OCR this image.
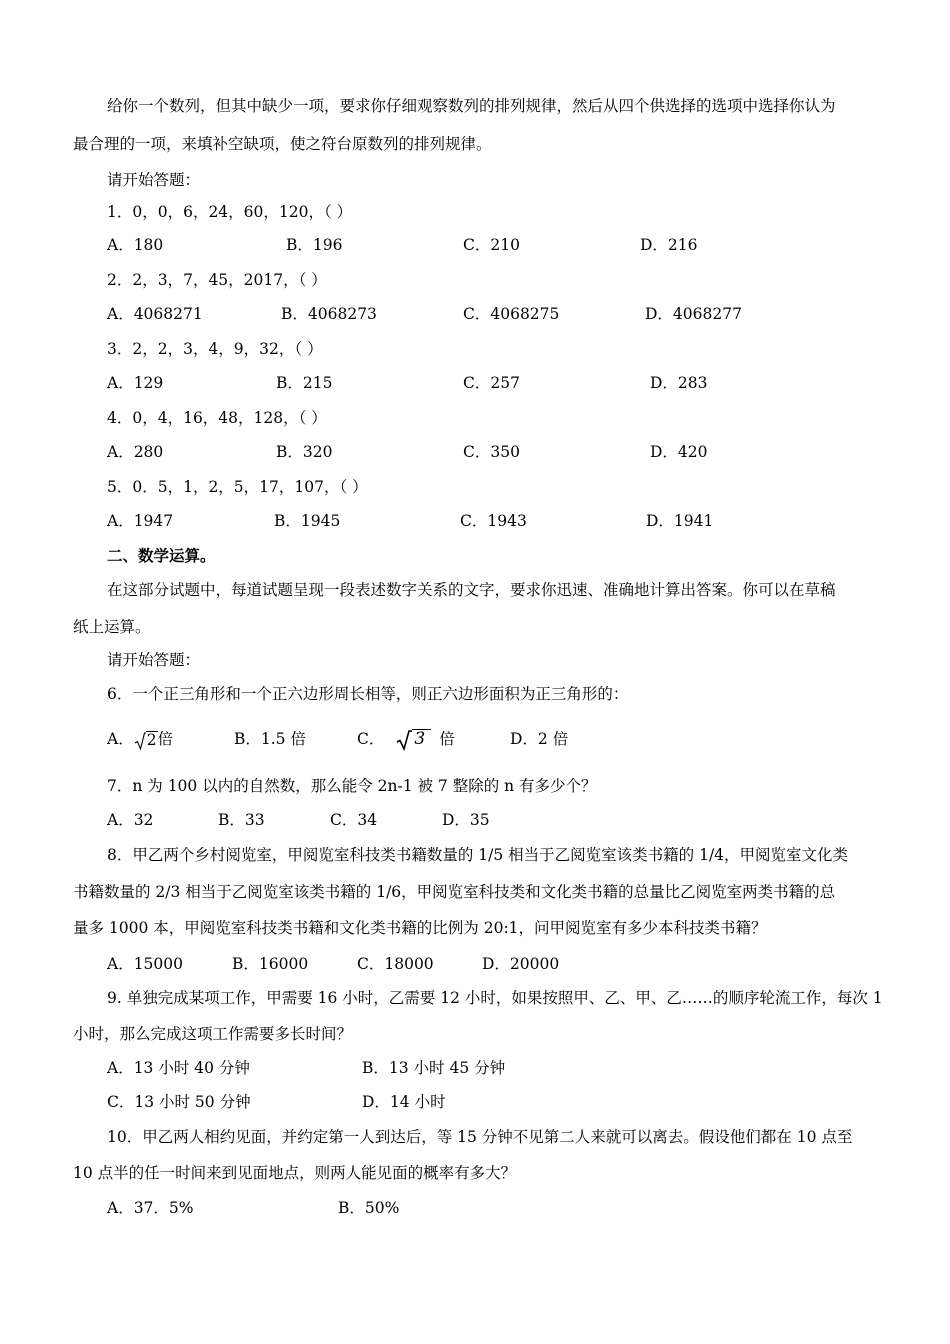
给你一个数列，但其中缺少一项，要求你仔细观察数列的排列规律，然后从四个供选择的选项中选择你认为
最合理的一项，来填补空缺项，使之符台原数列的排列规律。
请开始答题：
1．0，0，6，24，60，120，（ ）
A．180	B．196	C．210	D．216
2．2，3，7，45，2017，（ ）
A．4068271	B．4068273	C．4068275	D．4068277
3．2，2，3，4，9，32，（ ）
A．129	B．215	C．257	D．283
4．0，4，16，48，128，（ ）
A．280	B．320	C．350	D．420
5．0．5，1，2，5，17，107，（ ）
A．1947	B．1945	C．1943	D．1941
二、数学运算。
在这部分试题中，每道试题呈现一段表述数字关系的文字，要求你迅速、准确地计算出答案。你可以在草稿
纸上运算。
请开始答题：
6．一个正三角形和一个正六边形周长相等，则正六边形面积为正三角形的：
A． 2倍	B．1.5 倍	C． 3 倍	D．2 倍
7．n 为 100 以内的自然数，那么能令 2n-1 被 7 整除的 n 有多少个？
A．32	B．33	C．34	D．35
8．甲乙两个乡村阅览室，甲阅览室科技类书籍数量的 1/5 相当于乙阅览室该类书籍的 1/4，甲阅览室文化类
书籍数量的 2/3 相当于乙阅览室该类书籍的 1/6，甲阅览室科技类和文化类书籍的总量比乙阅览室两类书籍的总
量多 1000 本，甲阅览室科技类书籍和文化类书籍的比例为 20:1，问甲阅览室有多少本科技类书籍？
A．15000	B．16000	C．18000	D．20000
9. 单独完成某项工作，甲需要 16 小时，乙需要 12 小时，如果按照甲、乙、甲、乙……的顺序轮流工作，每次 1
小时，那么完成这项工作需要多长时间？
A．13 小时 40 分钟	B．13 小时 45 分钟
C．13 小时 50 分钟	D．14 小时
10．甲乙两人相约见面，并约定第一人到达后，等 15 分钟不见第二人来就可以离去。假设他们都在 10 点至
10 点半的任一时间来到见面地点，则两人能见面的概率有多大？
A．37．5%	B．50%
